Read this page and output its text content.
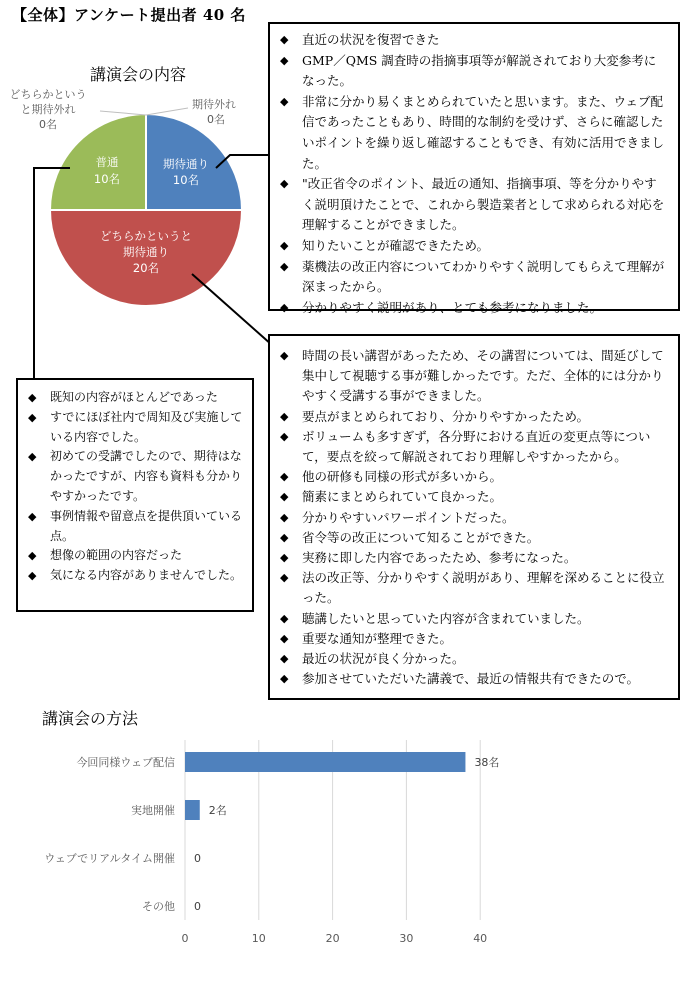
【全体】アンケート提出者 40 名
講演会の内容
どちらかという
と期待外れ
0名
期待外れ
0名
期待通り
10名
普通
10名
どちらかというと
期待通り
20名
◆ 直近の状況を復習できた
◆ GMP／QMS 調査時の指摘事項等が解説されており大変参考になった。
◆ 非常に分かり易くまとめられていたと思います。また、ウェブ配信であったこともあり、時間的な制約を受けず、さらに確認したいポイントを繰り返し確認することもでき、有効に活用できました。
◆ "改正省令のポイント、最近の通知、指摘事項、等を分かりやすく説明頂けたことで、これから製造業者として求められる対応を理解することができました。
◆ 知りたいことが確認できたため。
◆ 薬機法の改正内容についてわかりやすく説明してもらえて理解が深まったから。
◆ 分かりやすく説明があり、とても参考になりました。
◆ 時間の長い講習があったため、その講習については、間延びして集中して視聴する事が難しかったです。ただ、全体的には分かりやすく受講する事ができました。
◆ 要点がまとめられており、分かりやすかったため。
◆ ボリュームも多すぎず，各分野における直近の変更点等について，要点を絞って解説されており理解しやすかったから。
◆ 他の研修も同様の形式が多いから。
◆ 簡素にまとめられていて良かった。
◆ 分かりやすいパワーポイントだった。
◆ 省令等の改正について知ることができた。
◆ 実務に即した内容であったため、参考になった。
◆ 法の改正等、分かりやすく説明があり、理解を深めることに役立った。
◆ 聴講したいと思っていた内容が含まれていました。
◆ 重要な通知が整理できた。
◆ 最近の状況が良く分かった。
◆ 参加させていただいた講義で、最近の情報共有できたので。
◆ 既知の内容がほとんどであった
◆ すでにほぼ社内で周知及び実施している内容でした。
◆ 初めての受講でしたので、期待はなかったですが、内容も資料も分かりやすかったです。
◆ 事例情報や留意点を提供頂いている点。
◆ 想像の範囲の内容だった
◆ 気になる内容がありませんでした。
講演会の方法
0	10	20	30	40
今回同様ウェブ配信	38名
実地開催	2名
ウェブでリアルタイム開催 0
その他 0
